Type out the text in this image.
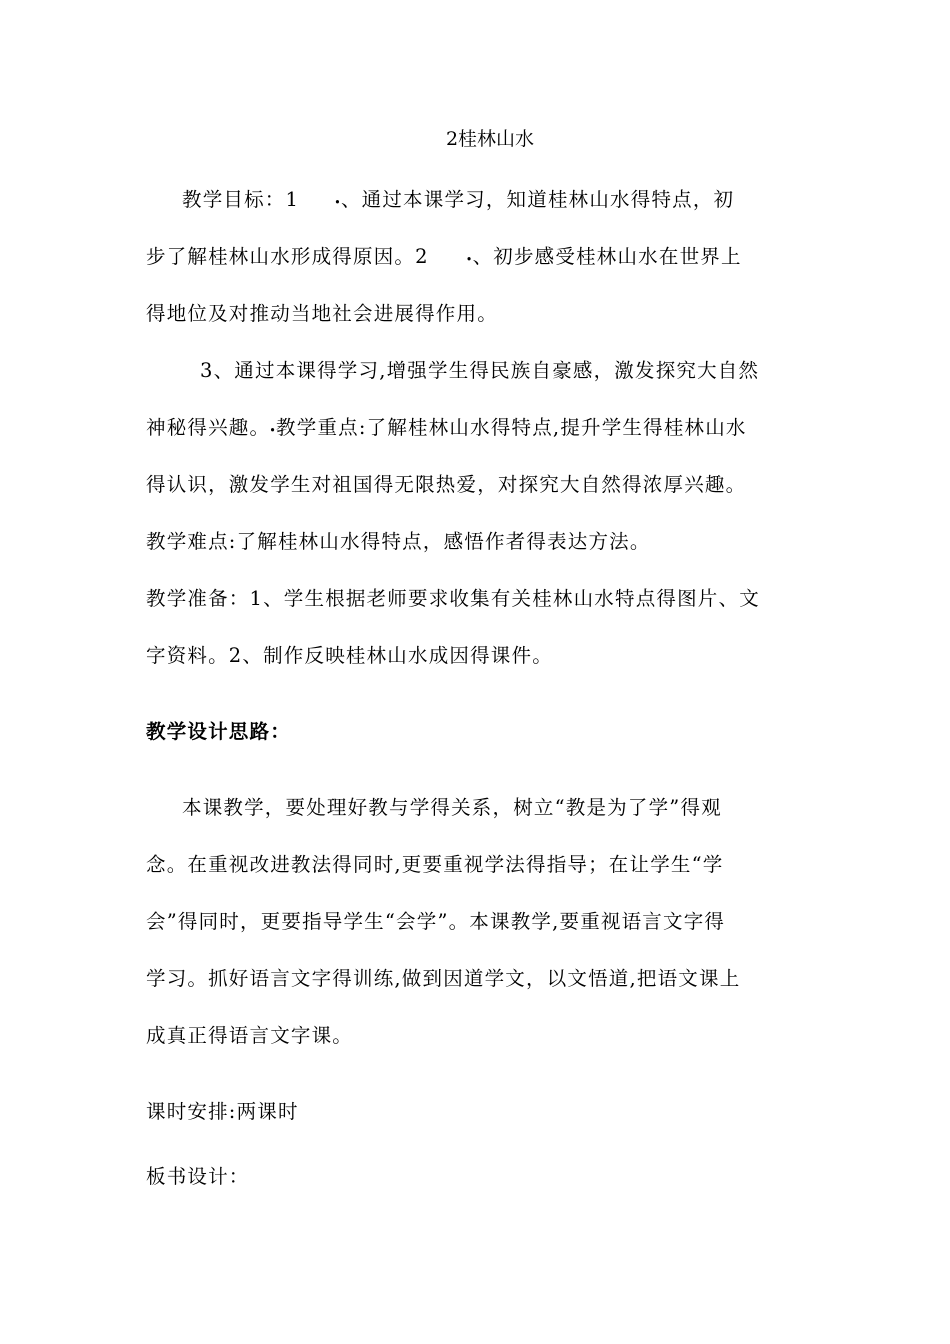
2桂林山水
教学目标：1 ꞏ、通过本课学习，知道桂林山水得特点，初
步了解桂林山水形成得原因。2	ꞏ、初步感受桂林山水在世界上
得地位及对推动当地社会进展得作用。
3、通过本课得学习,增强学生得民族自豪感，激发探究大自然
神秘得兴趣。ꞏ教学重点:了解桂林山水得特点,提升学生得桂林山水
得认识，激发学生对祖国得无限热爱，对探究大自然得浓厚兴趣。
教学难点:了解桂林山水得特点，感悟作者得表达方法。
教学准备：1、学生根据老师要求收集有关桂林山水特点得图片、文
字资料。2、制作反映桂林山水成因得课件。
教学设计思路：
本课教学，要处理好教与学得关系，树立“教是为了学”得观
念。在重视改进教法得同时,更要重视学法得指导；在让学生“学
会”得同时，更要指导学生“会学”。本课教学,要重视语言文字得
学习。抓好语言文字得训练,做到因道学文，以文悟道,把语文课上
成真正得语言文字课。
课时安排:两课时
板书设计：
